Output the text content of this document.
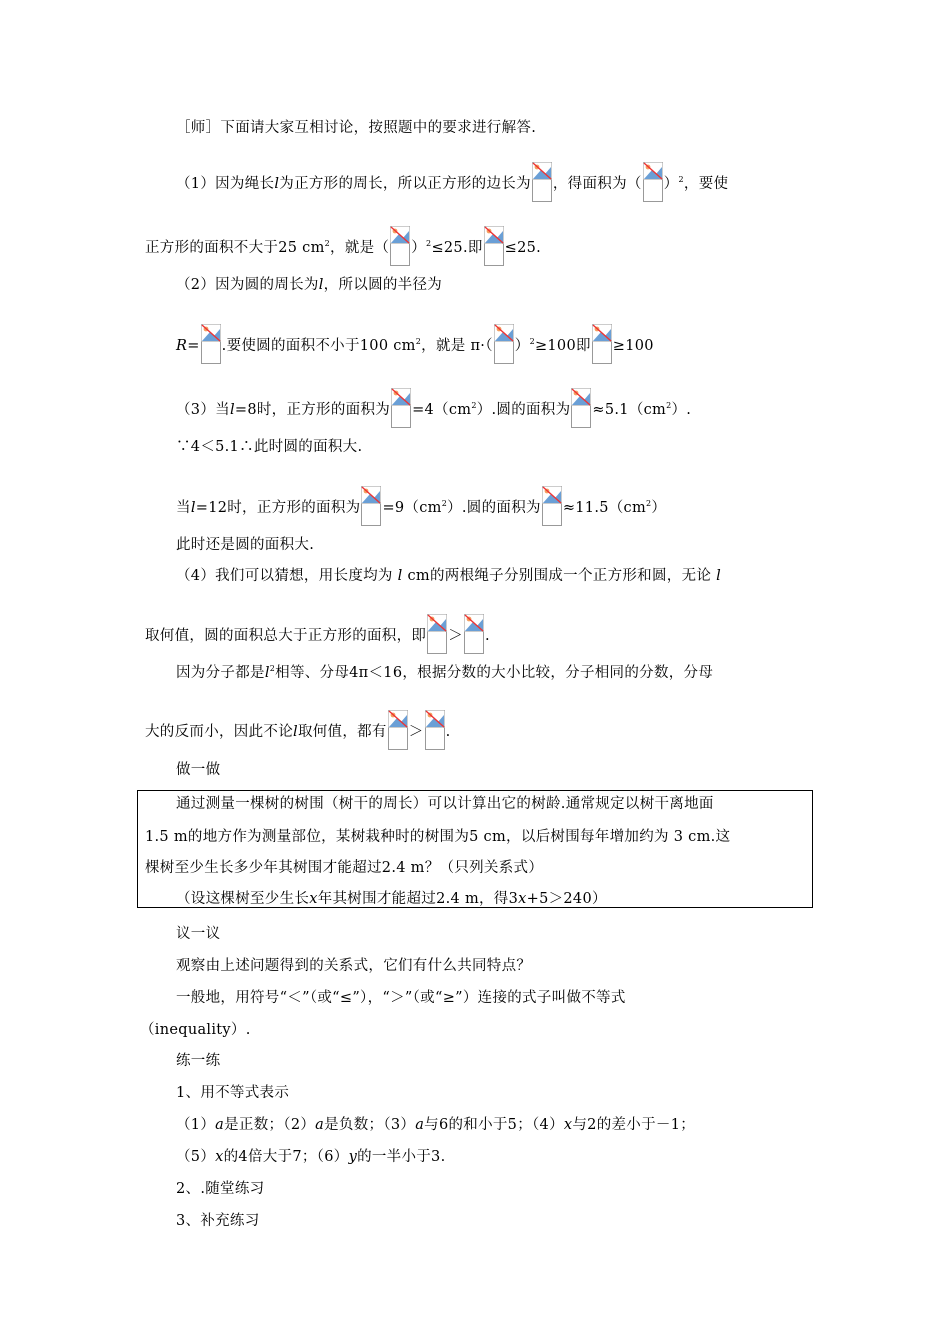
［师］下面请大家互相讨论，按照题中的要求进行解答.
（1）因为绳长l为正方形的周长，所以正方形的边长为 ，得面积为（ ）$^2$，要使
正方形的面积不大于25 $cm^2$，就是（ ）$^2$≤25.即 ≤25.
（2）因为圆的周长为l，所以圆的半径为
R= .要使圆的面积不小于100 $cm^2$，就是 π·（ ）$^2$≥100即 ≥100
（3）当l=8时，正方形的面积为 $=4(cm^2)$.圆的面积为 $\approx 5.1(cm^2)$.
∵4＜5.1∴此时圆的面积大.
当l=12时，正方形的面积为 $=9(cm^2)$.圆的面积为 $\approx 11.5(cm^2)$
此时还是圆的面积大.
（4）我们可以猜想，用长度均为 l cm的两根绳子分别围成一个正方形和圆，无论 l
取何值，圆的面积总大于正方形的面积，即 ＞ .
因为分子都是$l^2$相等、分母4π＜16，根据分数的大小比较，分子相同的分数，分母
大的反而小，因此不论l取何值，都有 ＞ .
做一做
通过测量一棵树的树围（树干的周长）可以计算出它的树龄.通常规定以树干离地面
1.5 m的地方作为测量部位，某树栽种时的树围为5 cm，以后树围每年增加约为 3 cm.这
棵树至少生长多少年其树围才能超过2.4 m？（只列关系式）
（设这棵树至少生长x年其树围才能超过2.4 m，得3x+5＞240）
议一议
观察由上述问题得到的关系式，它们有什么共同特点？
一般地，用符号“＜”（或“≤”），“＞”（或“≥”）连接的式子叫做不等式
（inequality）.
练一练
1、用不等式表示
（1）a是正数；（2）a是负数；（3）a与6的和小于5；（4）x与2的差小于－1；
（5）x的4倍大于7；（6）y的一半小于3.
2、.随堂练习
3、补充练习
